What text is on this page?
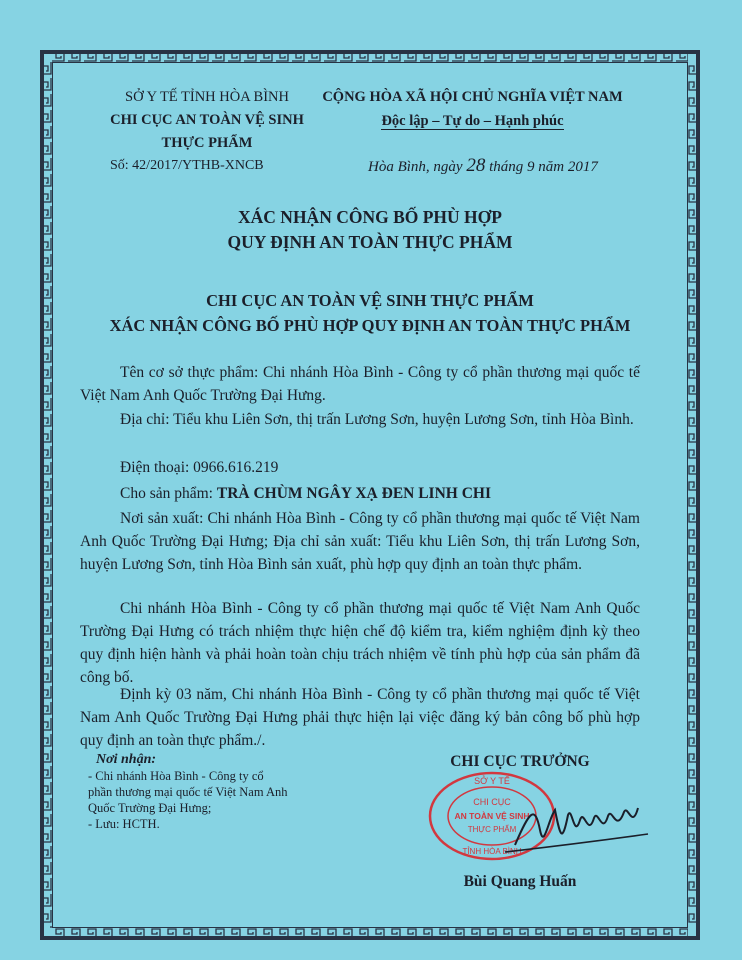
SỞ Y TẾ TỈNH HÒA BÌNH
CHI CỤC AN TOÀN VỆ SINH
THỰC PHẨM
Số: 42/2017/YTHB-XNCB
CỘNG HÒA XÃ HỘI CHỦ NGHĨA VIỆT NAM
Độc lập – Tự do – Hạnh phúc
Hòa Bình, ngày 28 tháng 9 năm 2017
XÁC NHẬN CÔNG BỐ PHÙ HỢP
QUY ĐỊNH AN TOÀN THỰC PHẨM
CHI CỤC AN TOÀN VỆ SINH THỰC PHẨM
XÁC NHẬN CÔNG BỐ PHÙ HỢP QUY ĐỊNH AN TOÀN THỰC PHẨM
Tên cơ sở thực phẩm: Chi nhánh Hòa Bình - Công ty cổ phần thương mại quốc tế Việt Nam Anh Quốc Trường Đại Hưng.
Địa chỉ: Tiểu khu Liên Sơn, thị trấn Lương Sơn, huyện Lương Sơn, tỉnh Hòa Bình.
Điện thoại: 0966.616.219
Cho sản phẩm: TRÀ CHÙM NGÂY XẠ ĐEN LINH CHI
Nơi sản xuất: Chi nhánh Hòa Bình - Công ty cổ phần thương mại quốc tế Việt Nam Anh Quốc Trường Đại Hưng; Địa chỉ sản xuất: Tiểu khu Liên Sơn, thị trấn Lương Sơn, huyện Lương Sơn, tỉnh Hòa Bình sản xuất, phù hợp quy định an toàn thực phẩm.
Chi nhánh Hòa Bình - Công ty cổ phần thương mại quốc tế Việt Nam Anh Quốc Trường Đại Hưng có trách nhiệm thực hiện chế độ kiểm tra, kiểm nghiệm định kỳ theo quy định hiện hành và phải hoàn toàn chịu trách nhiệm về tính phù hợp của sản phẩm đã công bố.
Định kỳ 03 năm, Chi nhánh Hòa Bình - Công ty cổ phần thương mại quốc tế Việt Nam Anh Quốc Trường Đại Hưng phải thực hiện lại việc đăng ký bản công bố phù hợp quy định an toàn thực phẩm./.
Nơi nhận:
- Chi nhánh Hòa Bình - Công ty cổ phần thương mại quốc tế Việt Nam Anh Quốc Trường Đại Hưng;
- Lưu: HCTH.
CHI CỤC TRƯỞNG
SỞ Y TẾ
CHI CỤC
AN TOÀN VỆ SINH
THỰC PHẨM
TỈNH HÒA BÌNH
Bùi Quang Huấn
